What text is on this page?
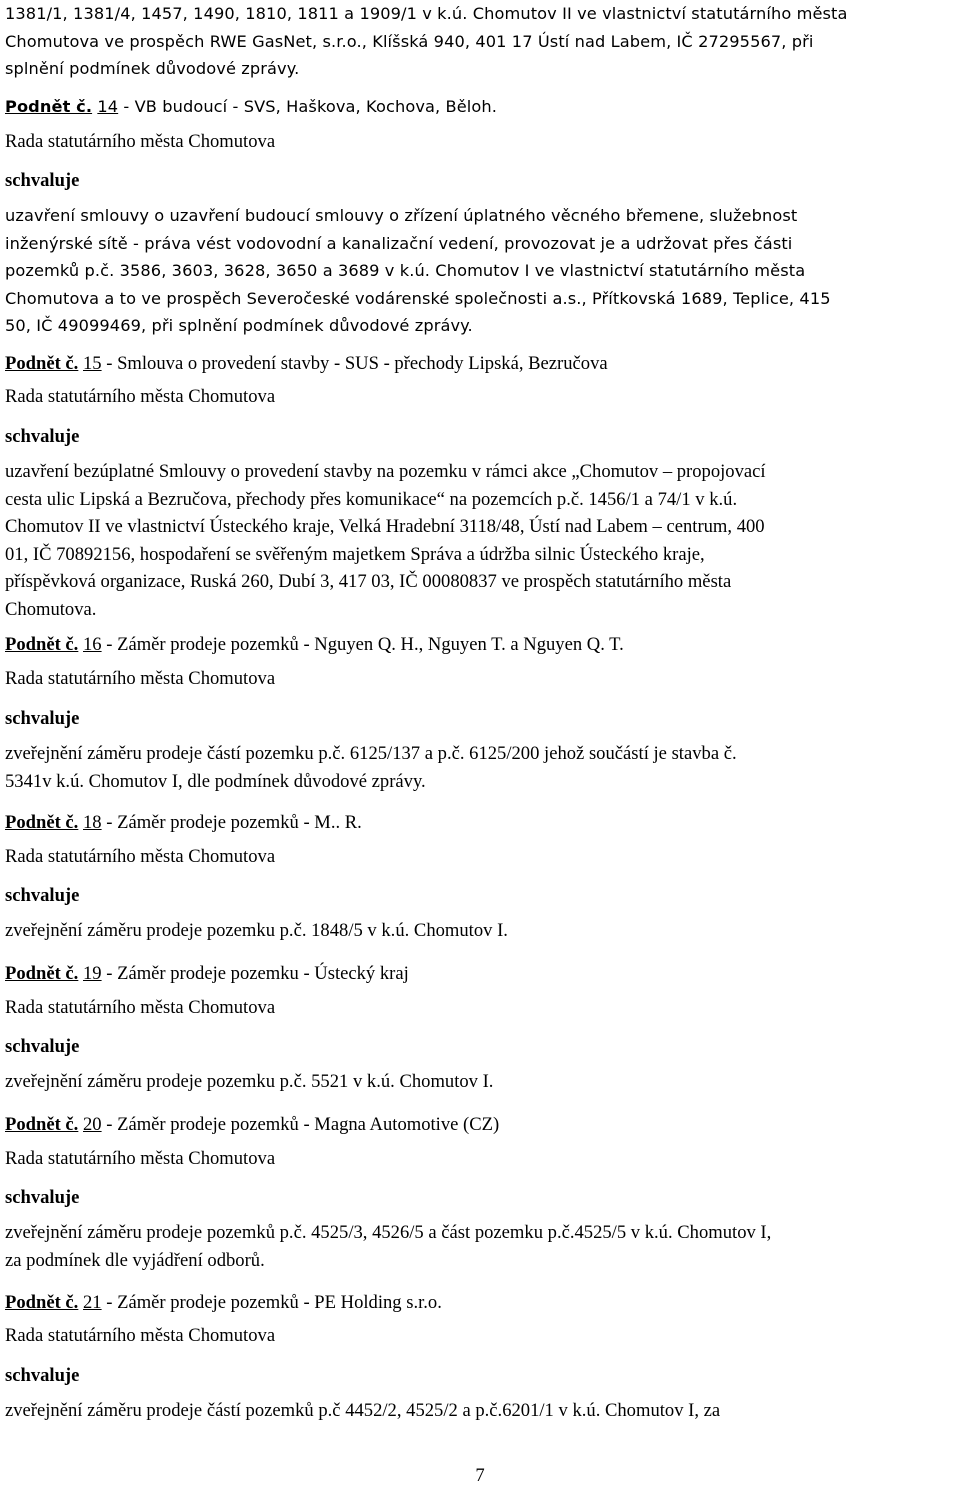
1381/1, 1381/4, 1457, 1490, 1810, 1811 a 1909/1 v k.ú. Chomutov II ve vlastnictví statutárního města
Chomutova ve prospěch RWE GasNet, s.r.o., Klíšská 940, 401 17 Ústí nad Labem, IČ 27295567, při
splnění podmínek důvodové zprávy.
Podnět č. 14 - VB budoucí - SVS, Haškova, Kochova, Běloh.
Rada statutárního města Chomutova
schvaluje
uzavření smlouvy o uzavření budoucí smlouvy o zřízení úplatného věcného břemene, služebnost
inženýrské sítě - práva vést vodovodní a kanalizační vedení, provozovat je a udržovat přes části
pozemků p.č. 3586, 3603, 3628, 3650 a 3689 v k.ú. Chomutov I ve vlastnictví statutárního města
Chomutova a to ve prospěch Severočeské vodárenské společnosti a.s., Přítkovská 1689, Teplice, 415
50, IČ 49099469, při splnění podmínek důvodové zprávy.
Podnět č. 15 - Smlouva o provedení stavby - SUS - přechody Lipská, Bezručova
Rada statutárního města Chomutova
schvaluje
uzavření bezúplatné Smlouvy o provedení stavby na pozemku v rámci akce „Chomutov – propojovací
cesta ulic Lipská a Bezručova, přechody přes komunikace“ na pozemcích p.č. 1456/1 a 74/1 v k.ú.
Chomutov II ve vlastnictví Ústeckého kraje, Velká Hradební 3118/48, Ústí nad Labem – centrum, 400
01, IČ 70892156, hospodaření se svěřeným majetkem Správa a údržba silnic Ústeckého kraje,
příspěvková organizace, Ruská 260, Dubí 3, 417 03, IČ 00080837 ve prospěch statutárního města
Chomutova.
Podnět č. 16 - Záměr prodeje pozemků - Nguyen Q. H., Nguyen T. a Nguyen Q. T.
Rada statutárního města Chomutova
schvaluje
zveřejnění záměru prodeje částí pozemku p.č. 6125/137 a p.č. 6125/200 jehož součástí je stavba č.
5341v k.ú. Chomutov I, dle podmínek důvodové zprávy.
Podnět č. 18 - Záměr prodeje pozemků - M.. R.
Rada statutárního města Chomutova
schvaluje
zveřejnění záměru prodeje pozemku p.č. 1848/5 v k.ú. Chomutov I.
Podnět č. 19 - Záměr prodeje pozemku - Ústecký kraj
Rada statutárního města Chomutova
schvaluje
zveřejnění záměru prodeje pozemku p.č. 5521 v k.ú. Chomutov I.
Podnět č. 20 - Záměr prodeje pozemků - Magna Automotive (CZ)
Rada statutárního města Chomutova
schvaluje
zveřejnění záměru prodeje pozemků p.č. 4525/3, 4526/5 a část pozemku p.č.4525/5 v k.ú. Chomutov I,
za podmínek dle vyjádření odborů.
Podnět č. 21 - Záměr prodeje pozemků - PE Holding s.r.o.
Rada statutárního města Chomutova
schvaluje
zveřejnění záměru prodeje částí pozemků p.č 4452/2, 4525/2 a p.č.6201/1 v k.ú. Chomutov I, za
7
